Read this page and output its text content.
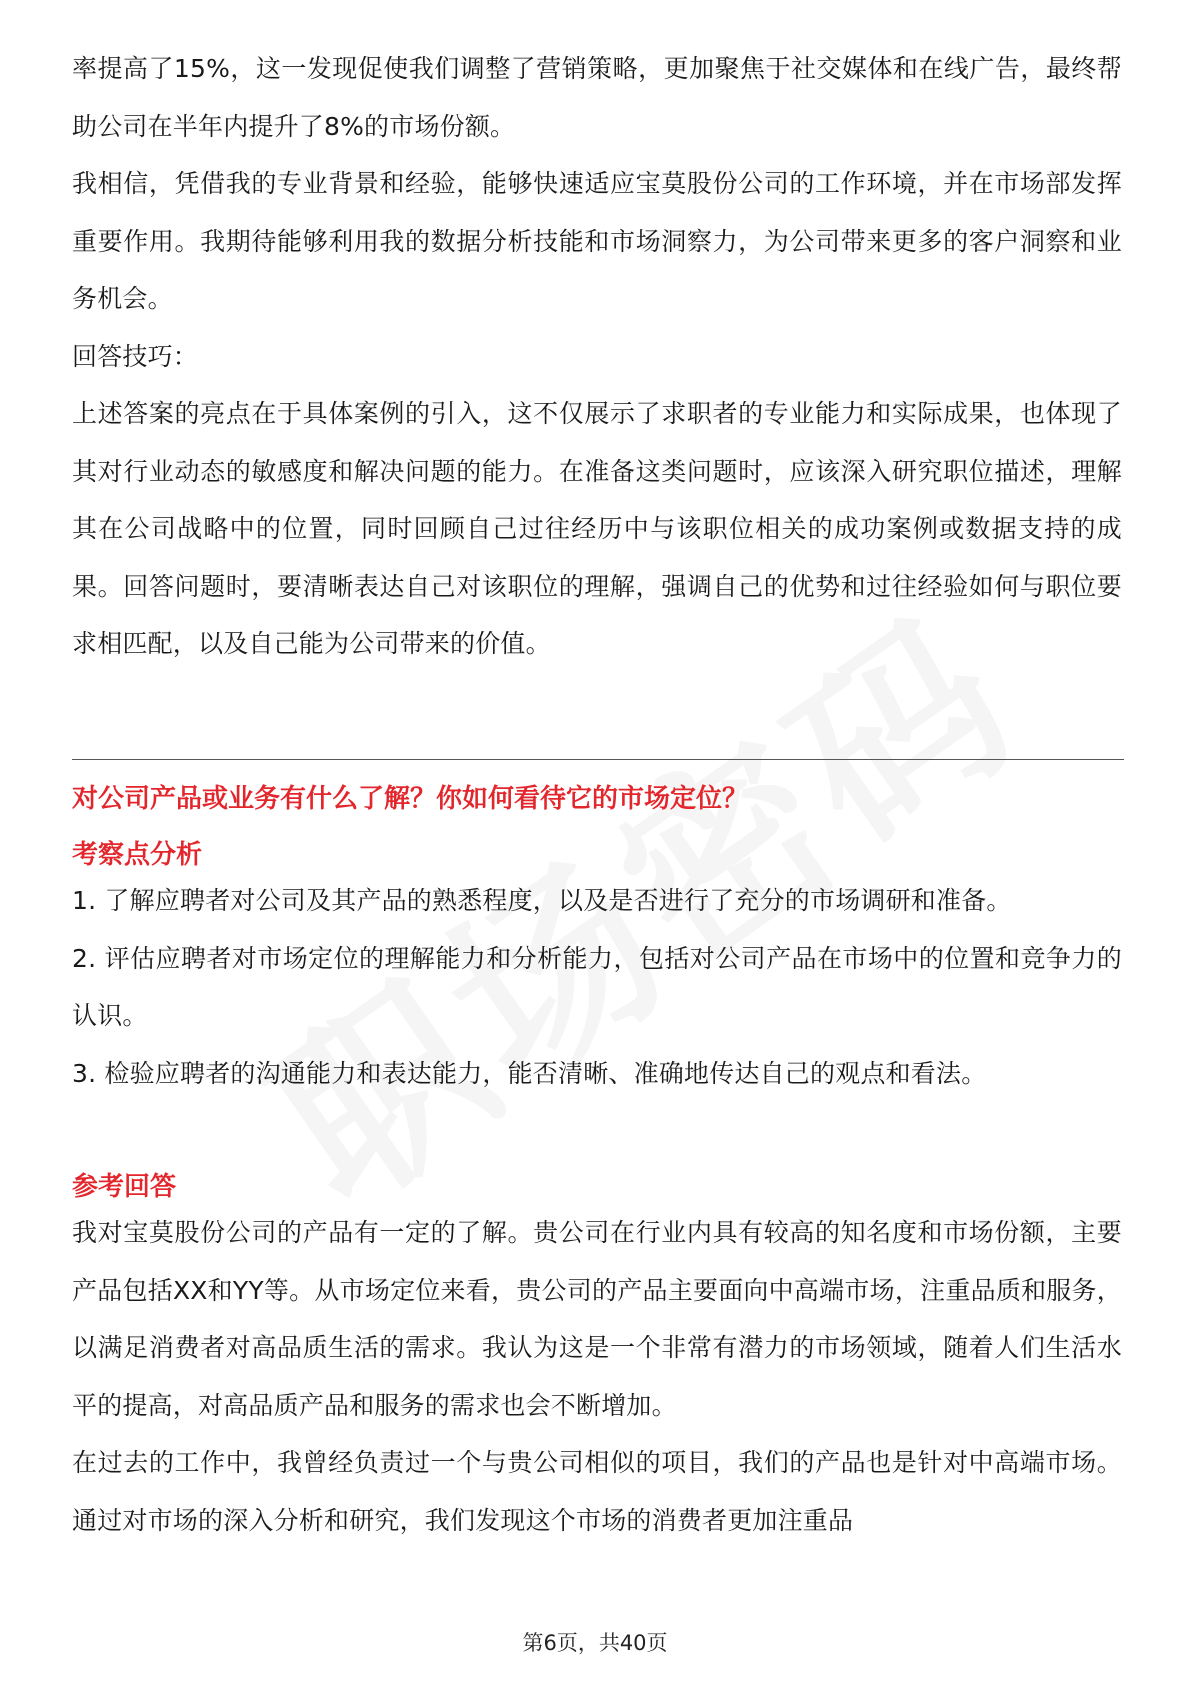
率提高了15%，这一发现促使我们调整了营销策略，更加聚焦于社交媒体和在线广告，最终帮助公司在半年内提升了8%的市场份额。

我相信，凭借我的专业背景和经验，能够快速适应宝莫股份公司的工作环境，并在市场部发挥重要作用。我期待能够利用我的数据分析技能和市场洞察力，为公司带来更多的客户洞察和业务机会。

回答技巧：

上述答案的亮点在于具体案例的引入，这不仅展示了求职者的专业能力和实际成果，也体现了其对行业动态的敏感度和解决问题的能力。在准备这类问题时，应该深入研究职位描述，理解其在公司战略中的位置，同时回顾自己过往经历中与该职位相关的成功案例或数据支持的成果。回答问题时，要清晰表达自己对该职位的理解，强调自己的优势和过往经验如何与职位要求相匹配，以及自己能为公司带来的价值。

对公司产品或业务有什么了解？你如何看待它的市场定位？
考察点分析

1. 了解应聘者对公司及其产品的熟悉程度，以及是否进行了充分的市场调研和准备。

2. 评估应聘者对市场定位的理解能力和分析能力，包括对公司产品在市场中的位置和竞争力的认识。

3. 检验应聘者的沟通能力和表达能力，能否清晰、准确地传达自己的观点和看法。

参考回答

我对宝莫股份公司的产品有一定的了解。贵公司在行业内具有较高的知名度和市场份额，主要产品包括XX和YY等。从市场定位来看，贵公司的产品主要面向中高端市场，注重品质和服务，以满足消费者对高品质生活的需求。我认为这是一个非常有潜力的市场领域，随着人们生活水平的提高，对高品质产品和服务的需求也会不断增加。

在过去的工作中，我曾经负责过一个与贵公司相似的项目，我们的产品也是针对中高端市场。通过对市场的深入分析和研究，我们发现这个市场的消费者更加注重品

第6页，共40页
